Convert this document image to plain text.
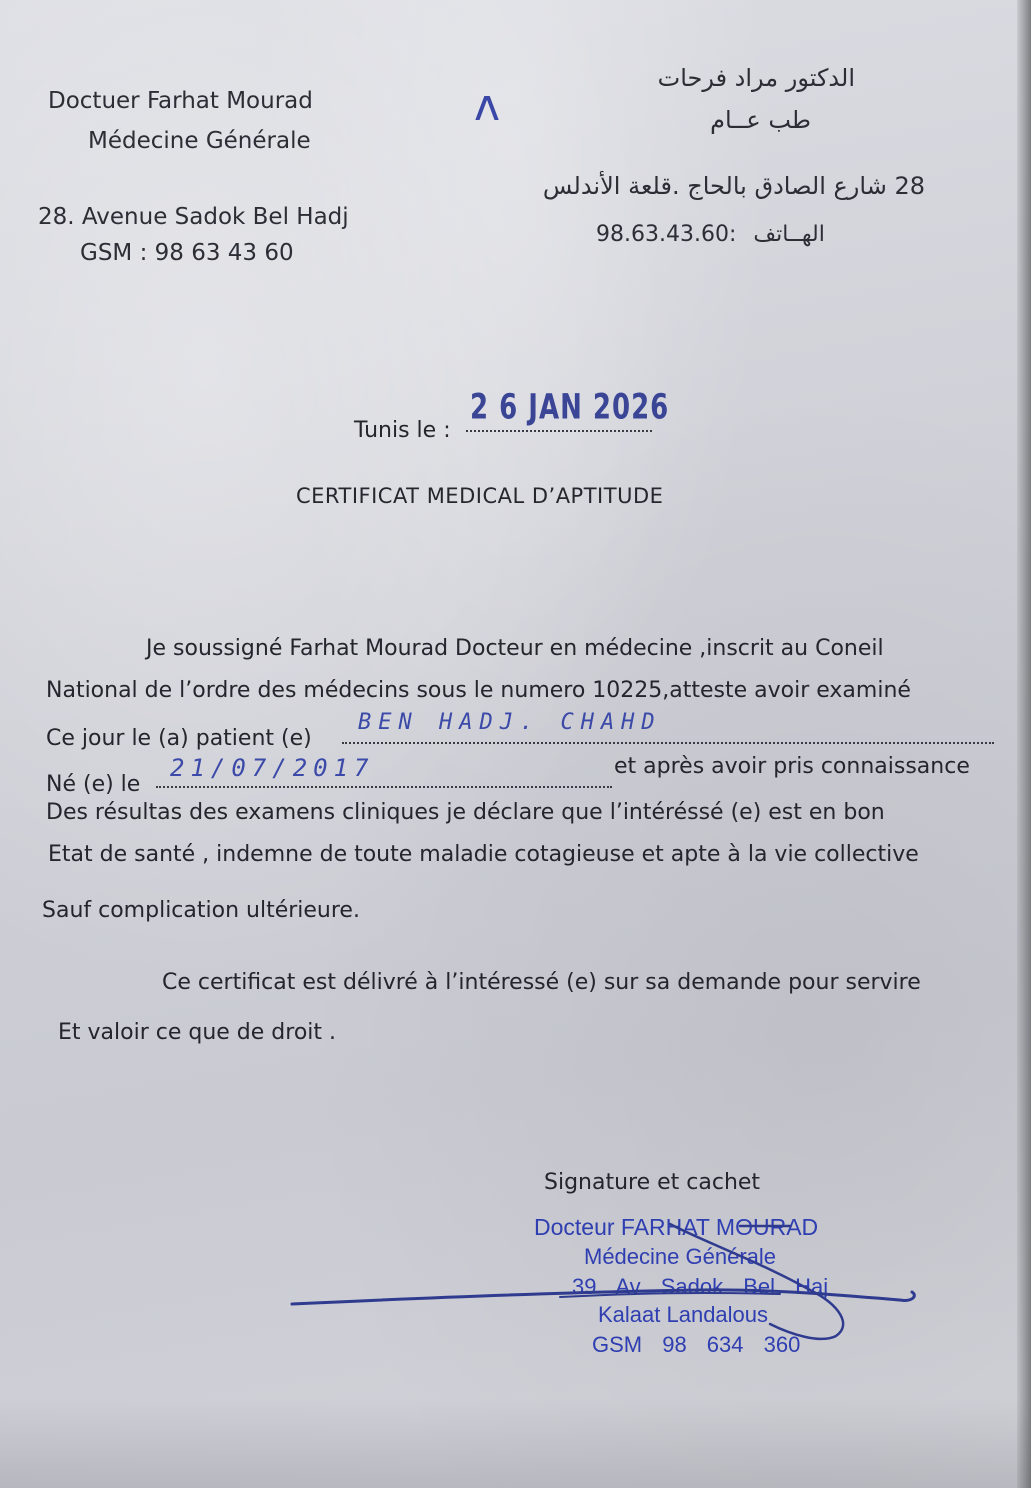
Doctuer Farhat Mourad
Médecine Générale
28. Avenue Sadok Bel Hadj
GSM : 98 63 43 60
ʌ
الدكتور مراد فرحات
طب عــام
28 شارع الصادق بالحاج .قلعة الأندلس
98.63.43.60: الهــاتف
Tunis le :
2 6 JAN 2026
CERTIFICAT MEDICAL D’APTITUDE
Je soussigné Farhat Mourad Docteur en médecine ,inscrit au Coneil
National de l’ordre des médecins sous le numero 10225,atteste avoir examiné
Ce jour le (a) patient (e)
BEN HADJ. CHAHD
Né (e) le
21/07/2017	et après avoir pris connaissance
Des résultas des examens cliniques je déclare que l’intéréssé (e) est en bon
Etat de santé , indemne de toute maladie cotagieuse et apte à la vie collective
Sauf complication ultérieure.
Ce certificat est délivré à l’intéressé (e) sur sa demande pour servire
Et valoir ce que de droit .
Signature et cachet
Docteur FARHAT MOURAD
Médecine Générale
39 Av Sadok Bel Haj
Kalaat Landalous
GSM 98 634 360
